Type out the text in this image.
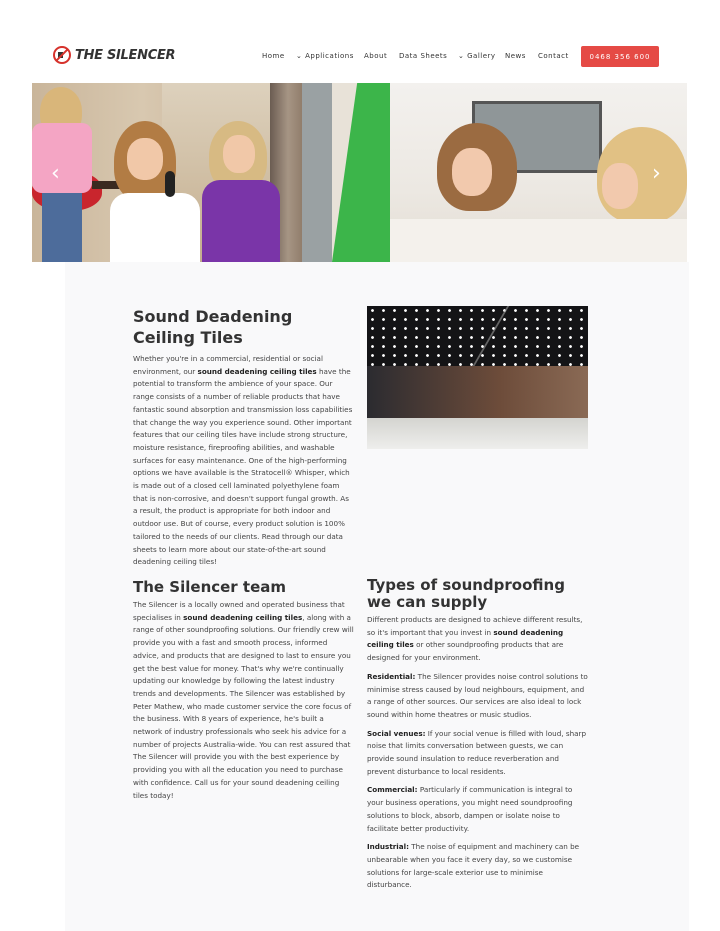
THE SILENCER	Home ⌄ Applications About Data Sheets ⌄ Gallery News Contact	0468 356 600
‹	›
Sound Deadening Ceiling Tiles

Whether you're in a commercial, residential or social environment, our sound deadening ceiling tiles have the potential to transform the ambience of your space. Our range consists of a number of reliable products that have fantastic sound absorption and transmission loss capabilities that change the way you experience sound. Other important features that our ceiling tiles have include strong structure, moisture resistance, fireproofing abilities, and washable surfaces for easy maintenance. One of the high-performing options we have available is the Stratocell® Whisper, which is made out of a closed cell laminated polyethylene foam that is non-corrosive, and doesn't support fungal growth. As a result, the product is appropriate for both indoor and outdoor use. But of course, every product solution is 100% tailored to the needs of our clients. Read through our data sheets to learn more about our state-of-the-art sound deadening ceiling tiles!

The Silencer team

The Silencer is a locally owned and operated business that specialises in sound deadening ceiling tiles, along with a range of other soundproofing solutions. Our friendly crew will provide you with a fast and smooth process, informed advice, and products that are designed to last to ensure you get the best value for money. That's why we're continually updating our knowledge by following the latest industry trends and developments. The Silencer was established by Peter Mathew, who made customer service the core focus of the business. With 8 years of experience, he's built a network of industry professionals who seek his advice for a number of projects Australia-wide. You can rest assured that The Silencer will provide you with the best experience by providing you with all the education you need to purchase with confidence. Call us for your sound deadening ceiling tiles today!

Types of soundproofing we can supply

Different products are designed to achieve different results, so it's important that you invest in sound deadening ceiling tiles or other soundproofing products that are designed for your environment.

Residential: The Silencer provides noise control solutions to minimise stress caused by loud neighbours, equipment, and a range of other sources. Our services are also ideal to lock sound within home theatres or music studios.

Social venues: If your social venue is filled with loud, sharp noise that limits conversation between guests, we can provide sound insulation to reduce reverberation and prevent disturbance to local residents.

Commercial: Particularly if communication is integral to your business operations, you might need soundproofing solutions to block, absorb, dampen or isolate noise to facilitate better productivity.

Industrial: The noise of equipment and machinery can be unbearable when you face it every day, so we customise solutions for large-scale exterior use to minimise disturbance.
